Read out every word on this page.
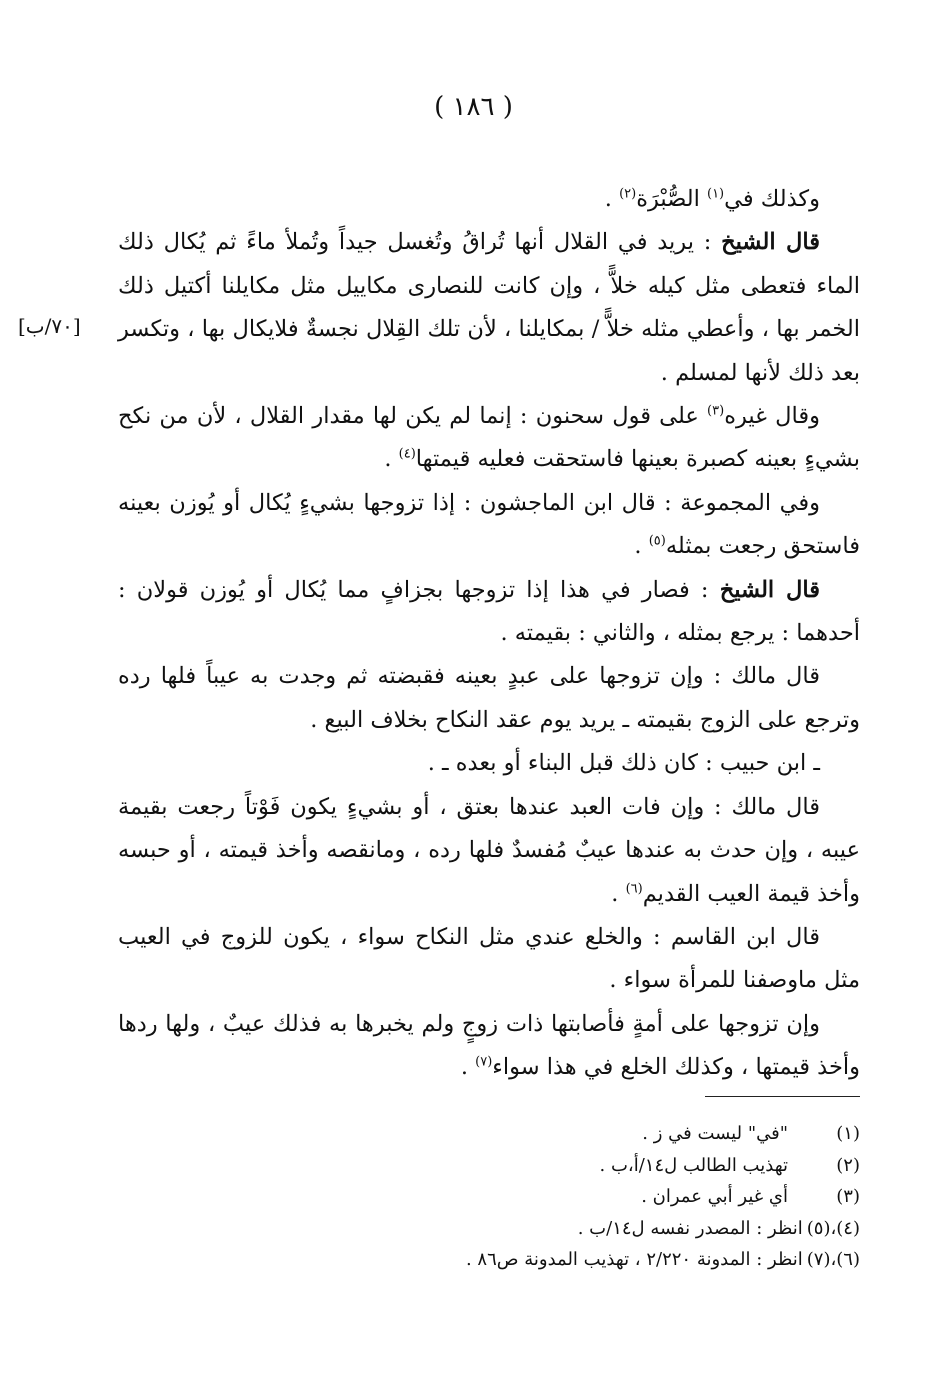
( ١٨٦ )
[٧٠/ب]

وكذلك في$^{(١)}$ الصُّبْرَة$^{(٢)}$ .

قال الشيخ : يريد في القلال أنها تُراقُ وتُغسل جيداً وتُملأ ماءً ثم يُكال ذلك الماء فتعطى مثل كيله خلاًّ ، وإن كانت للنصارى مكاييل مثل مكايلنا أكتيل ذلك الخمر بها ، وأعطي مثله خلاًّ / بمكايلنا ، لأن تلك القِلال نجسةٌ فلايكال بها ، وتكسر بعد ذلك لأنها لمسلم .

وقال غيره$^{(٣)}$ على قول سحنون : إنما لم يكن لها مقدار القلال ، لأن من نكح بشيءٍ بعينه كصبرة بعينها فاستحقت فعليه قيمتها$^{(٤)}$ .

وفي المجموعة : قال ابن الماجشون : إذا تزوجها بشيءٍ يُكال أو يُوزن بعينه فاستحق رجعت بمثله$^{(٥)}$ .

قال الشيخ : فصار في هذا إذا تزوجها بجزافٍ مما يُكال أو يُوزن قولان : أحدهما : يرجع بمثله ، والثاني : بقيمته .

قال مالك : وإن تزوجها على عبدٍ بعينه فقبضته ثم وجدت به عيباً فلها رده وترجع على الزوج بقيمته ـ يريد يوم عقد النكاح بخلاف البيع .

ـ ابن حبيب : كان ذلك قبل البناء أو بعده ـ .

قال مالك : وإن فات العبد عندها بعتق ، أو بشيءٍ يكون فَوْتاً رجعت بقيمة عيبه ، وإن حدث به عندها عيبٌ مُفسدٌ فلها رده ، ومانقصه وأخذ قيمته ، أو حبسه وأخذ قيمة العيب القديم$^{(٦)}$ .

قال ابن القاسم : والخلع عندي مثل النكاح سواء ، يكون للزوج في العيب مثل ماوصفنا للمرأة سواء .

وإن تزوجها على أمةٍ فأصابتها ذات زوجٍ ولم يخبرها به فذلك عيبٌ ، ولها ردها وأخذ قيمتها ، وكذلك الخلع في هذا سواء$^{(٧)}$ .

(١)
"في" ليست في ز .
(٢)
تهذيب الطالب ل١٤/أ،ب .
(٣)
أي غير أبي عمران .
(٤)،(٥)
انظر : المصدر نفسه ل١٤/ب .
(٦)،(٧)
انظر : المدونة ٢/٢٢٠ ، تهذيب المدونة ص٨٦ .
